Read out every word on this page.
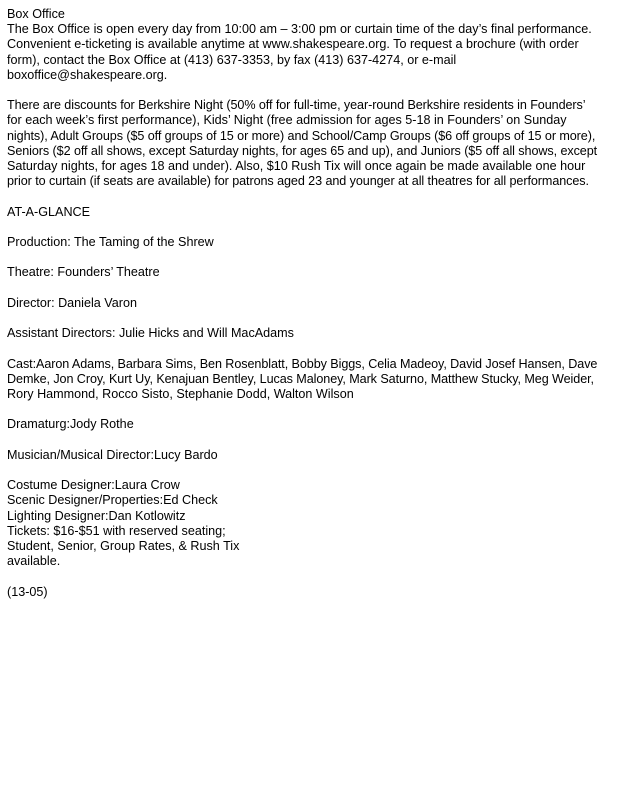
Box Office
The Box Office is open every day from 10:00 am – 3:00 pm or curtain time of the day’s final performance.
Convenient e-ticketing is available anytime at www.shakespeare.org. To request a brochure (with order
form), contact the Box Office at (413) 637-3353, by fax (413) 637-4274, or e-mail
boxoffice@shakespeare.org.
There are discounts for Berkshire Night (50% off for full-time, year-round Berkshire residents in Founders’
for each week’s first performance), Kids’ Night (free admission for ages 5-18 in Founders’ on Sunday
nights), Adult Groups ($5 off groups of 15 or more) and School/Camp Groups ($6 off groups of 15 or more),
Seniors ($2 off all shows, except Saturday nights, for ages 65 and up), and Juniors ($5 off all shows, except
Saturday nights, for ages 18 and under). Also, $10 Rush Tix will once again be made available one hour
prior to curtain (if seats are available) for patrons aged 23 and younger at all theatres for all performances.
AT-A-GLANCE
Production: The Taming of the Shrew
Theatre: Founders’ Theatre
Director: Daniela Varon
Assistant Directors: Julie Hicks and Will MacAdams
Cast:Aaron Adams, Barbara Sims, Ben Rosenblatt, Bobby Biggs, Celia Madeoy, David Josef Hansen, Dave
Demke, Jon Croy, Kurt Uy, Kenajuan Bentley, Lucas Maloney, Mark Saturno, Matthew Stucky, Meg Weider,
Rory Hammond, Rocco Sisto, Stephanie Dodd, Walton Wilson
Dramaturg:Jody Rothe
Musician/Musical Director:Lucy Bardo
Costume Designer:Laura Crow
Scenic Designer/Properties:Ed Check
Lighting Designer:Dan Kotlowitz
Tickets: $16-$51 with reserved seating;
Student, Senior, Group Rates, & Rush Tix
available.
(13-05)
